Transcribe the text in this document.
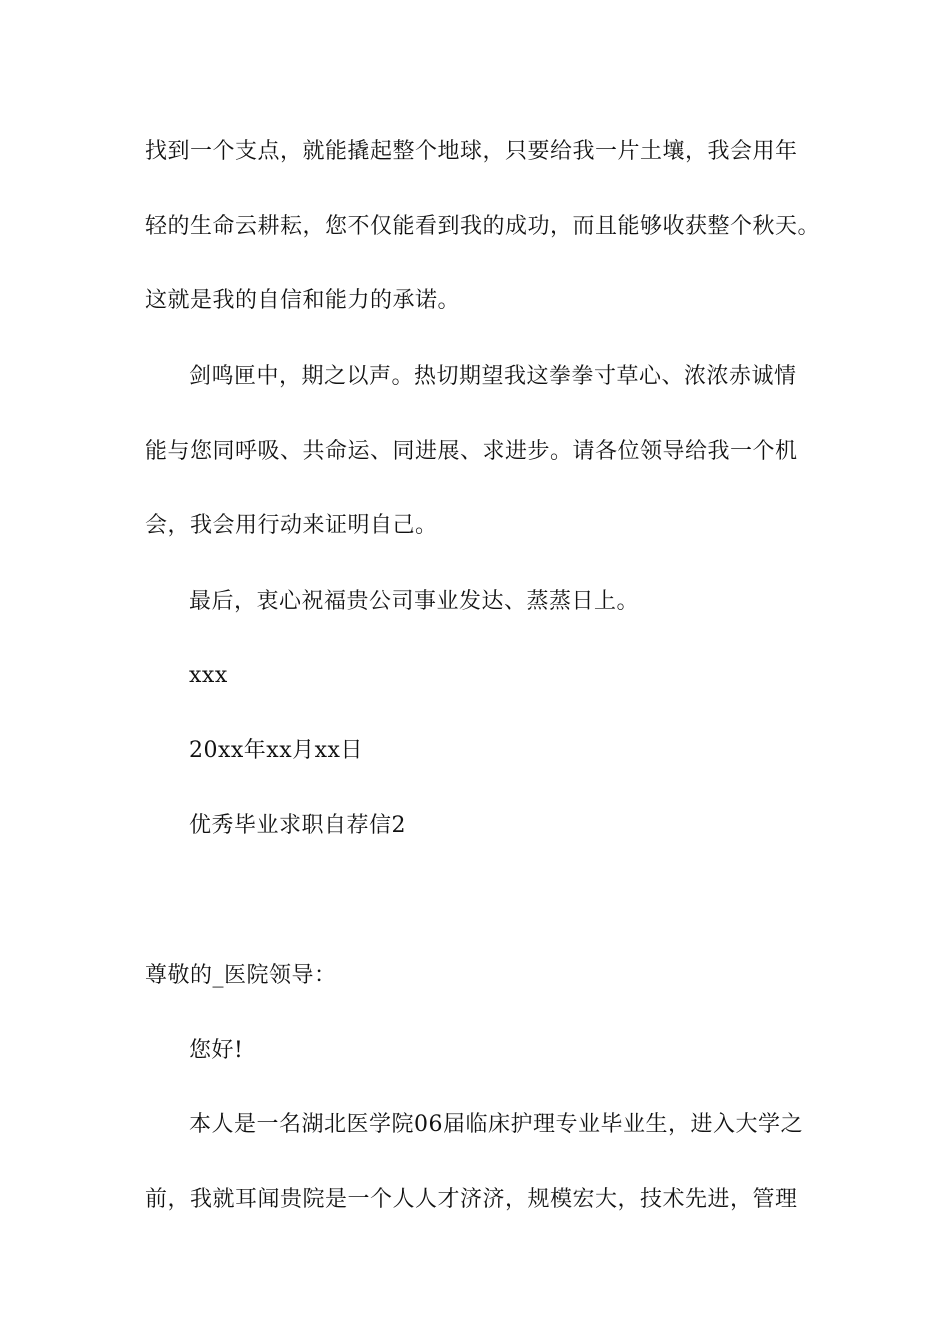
找到一个支点，就能撬起整个地球，只要给我一片土壤，我会用年
轻的生命云耕耘，您不仅能看到我的成功，而且能够收获整个秋天。
这就是我的自信和能力的承诺。
剑鸣匣中，期之以声。热切期望我这拳拳寸草心、浓浓赤诚情
能与您同呼吸、共命运、同进展、求进步。请各位领导给我一个机
会，我会用行动来证明自己。
最后，衷心祝福贵公司事业发达、蒸蒸日上。
xxx
20xx年xx月xx日
优秀毕业求职自荐信2
尊敬的_医院领导：
您好!
本人是一名湖北医学院06届临床护理专业毕业生，进入大学之
前，我就耳闻贵院是一个人人才济济，规模宏大，技术先进，管理
